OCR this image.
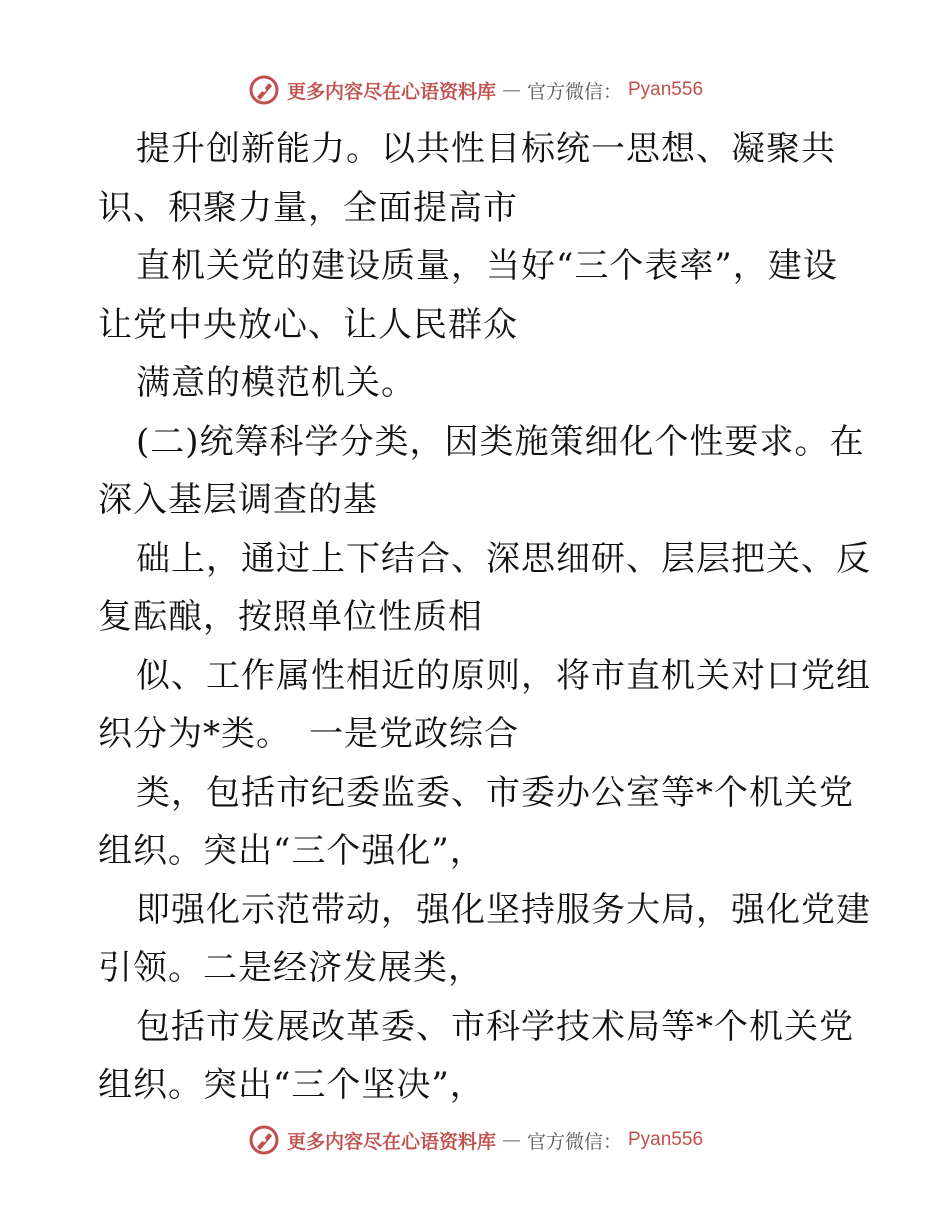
更多内容尽在心语资料库 — 官方微信： Pyan556
提升创新能力。以共性目标统一思想、凝聚共
识、积聚力量，全面提高市
直机关党的建设质量，当好“三个表率”，建设
让党中央放心、让人民群众
满意的模范机关。
(二)统筹科学分类，因类施策细化个性要求。在
深入基层调查的基
础上，通过上下结合、深思细研、层层把关、反
复酝酿，按照单位性质相
似、工作属性相近的原则，将市直机关对口党组
织分为*类。　一是党政综合
类，包括市纪委监委、市委办公室等*个机关党
组织。突出“三个强化”，
即强化示范带动，强化坚持服务大局，强化党建
引领。二是经济发展类，
包括市发展改革委、市科学技术局等*个机关党
组织。突出“三个坚决”，
更多内容尽在心语资料库 — 官方微信： Pyan556
